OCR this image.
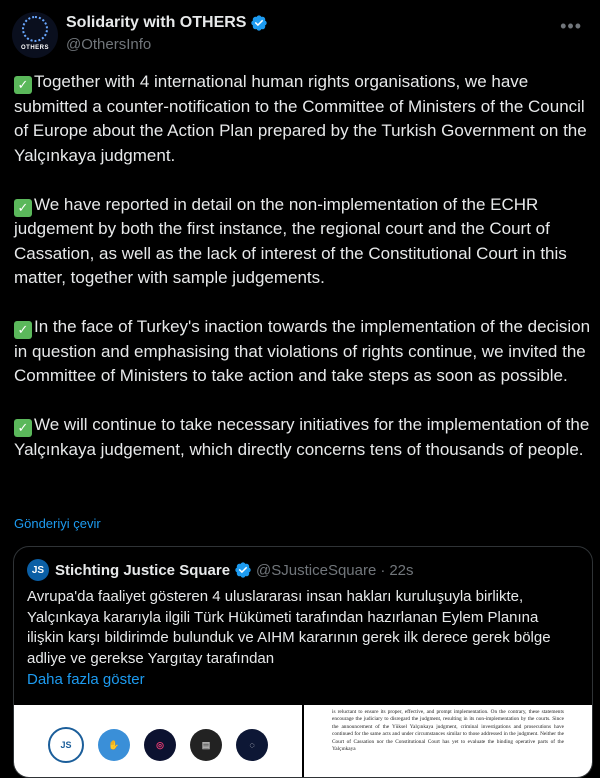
OTHERS
Solidarity with OTHERS
@OthersInfo
•••

✓ Together with 4 international human rights organisations, we have submitted a counter-notification to the Committee of Ministers of the Council of Europe about the Action Plan prepared by the Turkish Government on the Yalçınkaya judgment.

✓ We have reported in detail on the non-implementation of the ECHR judgement by both the first instance, the regional court and the Court of Cassation, as well as the lack of interest of the Constitutional Court in this matter, together with sample judgements.

✓ In the face of Turkey's inaction towards the implementation of the decision in question and emphasising that violations of rights continue, we invited the Committee of Ministers to take action and take steps as soon as possible.

✓ We will continue to take necessary initiatives for the implementation of the Yalçınkaya judgement, which directly concerns tens of thousands of people.

Gönderiyi çevir
JS Stichting Justice Square @SJusticeSquare · 22s
Avrupa'da faaliyet gösteren 4 uluslararası insan hakları kuruluşuyla birlikte, Yalçınkaya kararıyla ilgili Türk Hükümeti tarafından hazırlanan Eylem Planına ilişkin karşı bildirimde bulunduk ve AIHM kararının gerek ilk derece gerek bölge adliye ve gerekse Yargıtay tarafından
Daha fazla göster
JS	✋	◎	▤	◌
is reluctant to ensure its proper, effective, and prompt implementation. On the contrary, these statements encourage the judiciary to disregard the judgment, resulting in its non-implementation by the courts. Since the announcement of the Yüksel Yalçınkaya judgment, criminal investigations and prosecutions have continued for the same acts and under circumstances similar to those addressed in the judgment. Neither the Court of Cassation nor the Constitutional Court has yet to evaluate the binding operative parts of the Yalçınkaya
